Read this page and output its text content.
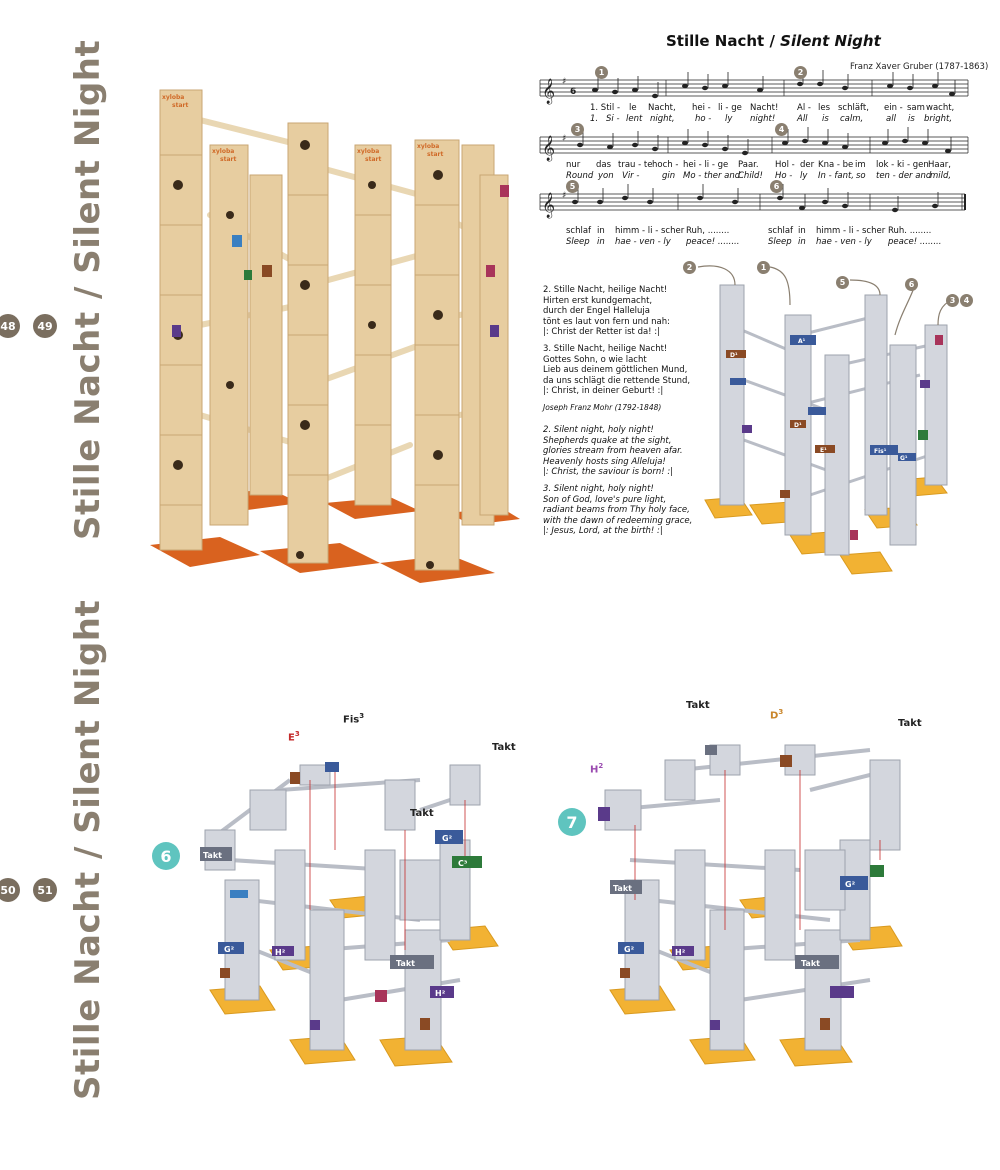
Stille Nacht / Silent Night
Stille Nacht / Silent Night
48	49
50	51
xyloba
start
xyloba
start
xyloba
start
xyloba
start
Stille Nacht / Silent Night
Franz Xaver Gruber (1787-1863)
𝄞
𝄞
𝄞
♯
♯
♯
6
1	2
3	4
5	6
1. Stil - le Nacht, hei - li - ge Nacht! Al - les schläft, ein - sam wacht,
1. Si - lent night, ho - ly night!	All is calm,	all is bright,
nur das trau - te hoch - hei - li - ge Paar. Hol - der Kna - be im lok - ki - gen Haar,
Round yon Vir -	gin Mo - ther and
Child! Ho - ly In - fant, so ten - der and
mild,
schlaf in himm - li - scher Ruh, ........	schlaf in himm - li - scher Ruh. ........
Sleep in hae - ven - ly peace! ........	Sleep in hae - ven - ly peace! ........
2. Stille Nacht, heilige Nacht!
Hirten erst kundgemacht,
durch der Engel Halleluja
tönt es laut von fern und nah:
|: Christ der Retter ist da! :|
3. Stille Nacht, heilige Nacht!
Gottes Sohn, o wie lacht
Lieb aus deinem göttlichen Mund,
da uns schlägt die rettende Stund,
|: Christ, in deiner Geburt! :|
Joseph Franz Mohr (1792-1848)
2. Silent night, holy night!
Shepherds quake at the sight,
glories stream from heaven afar.
Heavenly hosts sing Alleluja!
|: Christ, the saviour is born! :|
3. Silent night, holy night!
Son of God, love's pure light,
radiant beams from Thy holy face,
with the dawn of redeeming grace,
|: Jesus, Lord, at the birth! :|
D¹
A¹
D¹
E¹	Fis¹
G¹
2	1
5	6
3	4
Takt
G²
C³
G²	H²
Takt
H²
6
$E^3$
Fis$^3$
Takt
Takt
Takt	G²
H²
Takt
G²
7
$H^2$
Takt
$D^3$
Takt
